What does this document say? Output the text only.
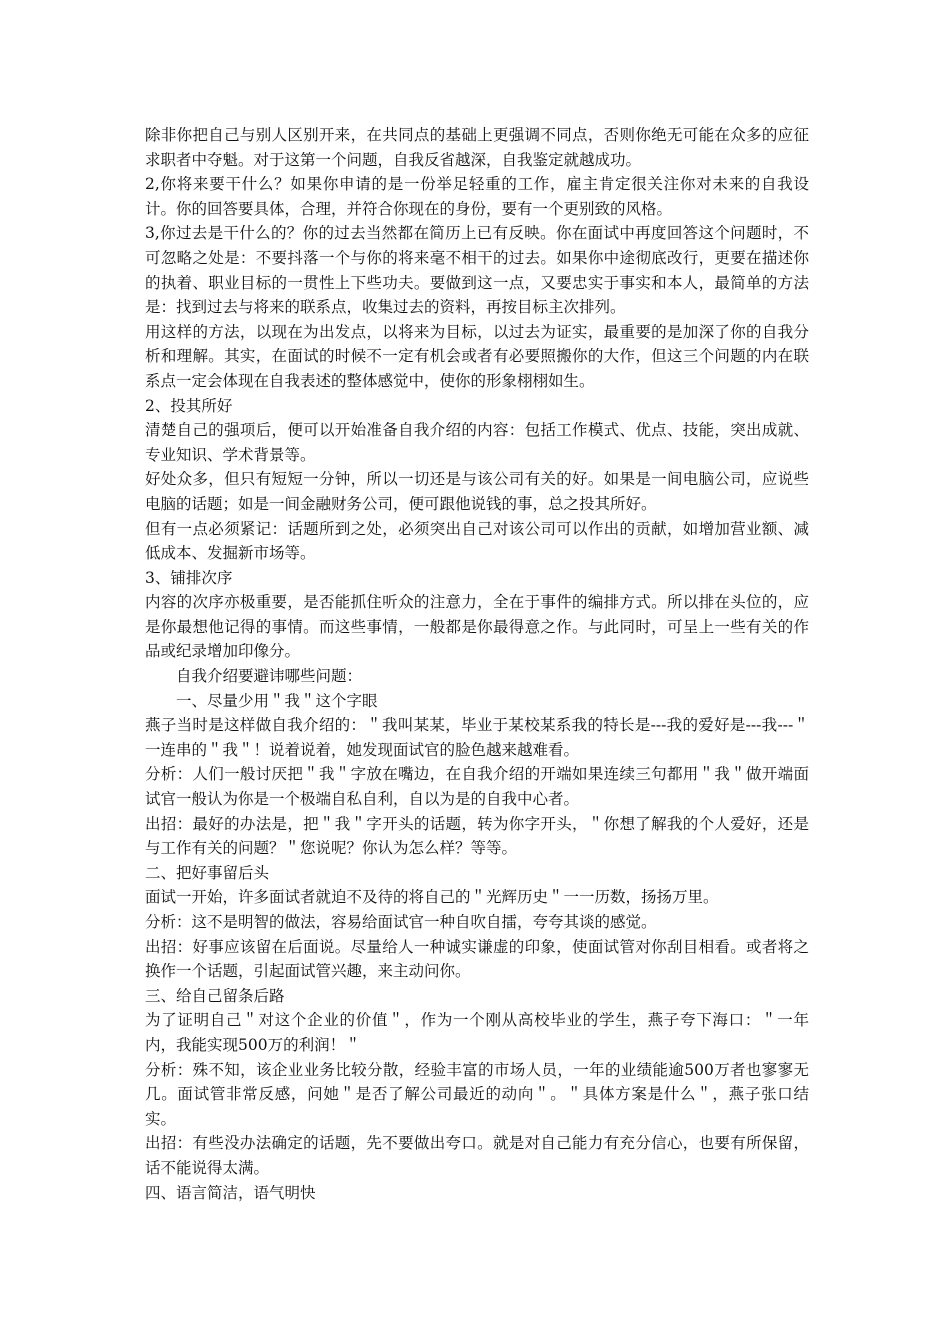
除非你把自己与别人区别开来，在共同点的基础上更强调不同点，否则你绝无可能在众多的应征求职者中夺魁。对于这第一个问题，自我反省越深，自我鉴定就越成功。

2,你将来要干什么？如果你申请的是一份举足轻重的工作，雇主肯定很关注你对未来的自我设计。你的回答要具体，合理，并符合你现在的身份，要有一个更别致的风格。

3,你过去是干什么的？你的过去当然都在简历上已有反映。你在面试中再度回答这个问题时，不可忽略之处是：不要抖落一个与你的将来毫不相干的过去。如果你中途彻底改行，更要在描述你的执着、职业目标的一贯性上下些功夫。要做到这一点，又要忠实于事实和本人，最简单的方法是：找到过去与将来的联系点，收集过去的资料，再按目标主次排列。

用这样的方法，以现在为出发点，以将来为目标，以过去为证实，最重要的是加深了你的自我分析和理解。其实，在面试的时候不一定有机会或者有必要照搬你的大作，但这三个问题的内在联系点一定会体现在自我表述的整体感觉中，使你的形象栩栩如生。

2、投其所好

清楚自己的强项后，便可以开始准备自我介绍的内容：包括工作模式、优点、技能，突出成就、专业知识、学术背景等。

好处众多，但只有短短一分钟，所以一切还是与该公司有关的好。如果是一间电脑公司，应说些电脑的话题；如是一间金融财务公司，便可跟他说钱的事，总之投其所好。

但有一点必须紧记：话题所到之处，必须突出自己对该公司可以作出的贡献，如增加营业额、减低成本、发掘新市场等。

3、铺排次序

内容的次序亦极重要，是否能抓住听众的注意力，全在于事件的编排方式。所以排在头位的，应是你最想他记得的事情。而这些事情，一般都是你最得意之作。与此同时，可呈上一些有关的作品或纪录增加印像分。

自我介绍要避讳哪些问题：

一、尽量少用＂我＂这个字眼

燕子当时是这样做自我介绍的：＂我叫某某，毕业于某校某系我的特长是---我的爱好是---我---＂一连串的＂我＂！说着说着，她发现面试官的脸色越来越难看。

分析：人们一般讨厌把＂我＂字放在嘴边，在自我介绍的开端如果连续三句都用＂我＂做开端面试官一般认为你是一个极端自私自利，自以为是的自我中心者。

出招：最好的办法是，把＂我＂字开头的话题，转为你字开头，＂你想了解我的个人爱好，还是与工作有关的问题？＂您说呢？你认为怎么样？等等。

二、把好事留后头

面试一开始，许多面试者就迫不及待的将自己的＂光辉历史＂一一历数，扬扬万里。

分析：这不是明智的做法，容易给面试官一种自吹自擂，夸夸其谈的感觉。

出招：好事应该留在后面说。尽量给人一种诚实谦虚的印象，使面试管对你刮目相看。或者将之换作一个话题，引起面试管兴趣，来主动问你。

三、给自己留条后路

为了证明自己＂对这个企业的价值＂，作为一个刚从高校毕业的学生，燕子夸下海口：＂一年内，我能实现500万的利润！＂

分析：殊不知，该企业业务比较分散，经验丰富的市场人员，一年的业绩能逾500万者也寥寥无几。面试管非常反感，问她＂是否了解公司最近的动向＂。＂具体方案是什么＂，燕子张口结实。

出招：有些没办法确定的话题，先不要做出夸口。就是对自己能力有充分信心，也要有所保留，话不能说得太满。

四、语言简洁，语气明快
